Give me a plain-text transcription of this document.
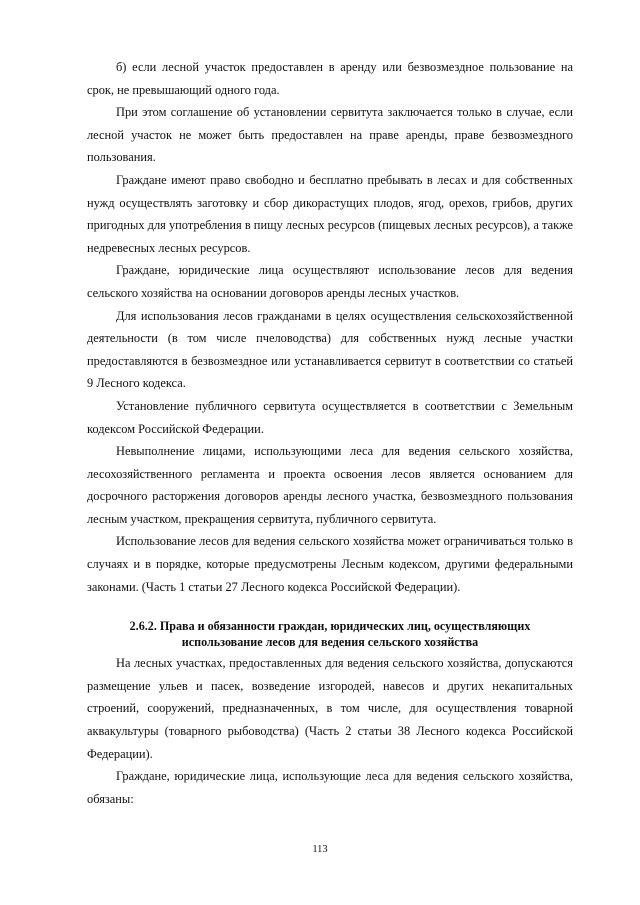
б) если лесной участок предоставлен в аренду или безвозмездное пользование на срок, не превышающий одного года.

При этом соглашение об установлении сервитута заключается только в случае, если лесной участок не может быть предоставлен на праве аренды, праве безвозмездного пользования.

Граждане имеют право свободно и бесплатно пребывать в лесах и для собственных нужд осуществлять заготовку и сбор дикорастущих плодов, ягод, орехов, грибов, других пригодных для употребления в пищу лесных ресурсов (пищевых лесных ресурсов), а также недревесных лесных ресурсов.

Граждане, юридические лица осуществляют использование лесов для ведения сельского хозяйства на основании договоров аренды лесных участков.

Для использования лесов гражданами в целях осуществления сельскохозяйственной деятельности (в том числе пчеловодства) для собственных нужд лесные участки предоставляются в безвозмездное или устанавливается сервитут в соответствии со статьей 9 Лесного кодекса.

Установление публичного сервитута осуществляется в соответствии с Земельным кодексом Российской Федерации.

Невыполнение лицами, использующими леса для ведения сельского хозяйства, лесохозяйственного регламента и проекта освоения лесов является основанием для досрочного расторжения договоров аренды лесного участка, безвозмездного пользования лесным участком, прекращения сервитута, публичного сервитута.

Использование лесов для ведения сельского хозяйства может ограничиваться только в случаях и в порядке, которые предусмотрены Лесным кодексом, другими федеральными законами. (Часть 1 статьи 27 Лесного кодекса Российской Федерации).

2.6.2. Права и обязанности граждан, юридических лиц, осуществляющих
использование лесов для ведения сельского хозяйства

На лесных участках, предоставленных для ведения сельского хозяйства, допускаются размещение ульев и пасек, возведение изгородей, навесов и других некапитальных строений, сооружений, предназначенных, в том числе, для осуществления товарной аквакультуры (товарного рыбоводства) (Часть 2 статьи 38 Лесного кодекса Российской Федерации).

Граждане, юридические лица, использующие леса для ведения сельского хозяйства, обязаны:

113
